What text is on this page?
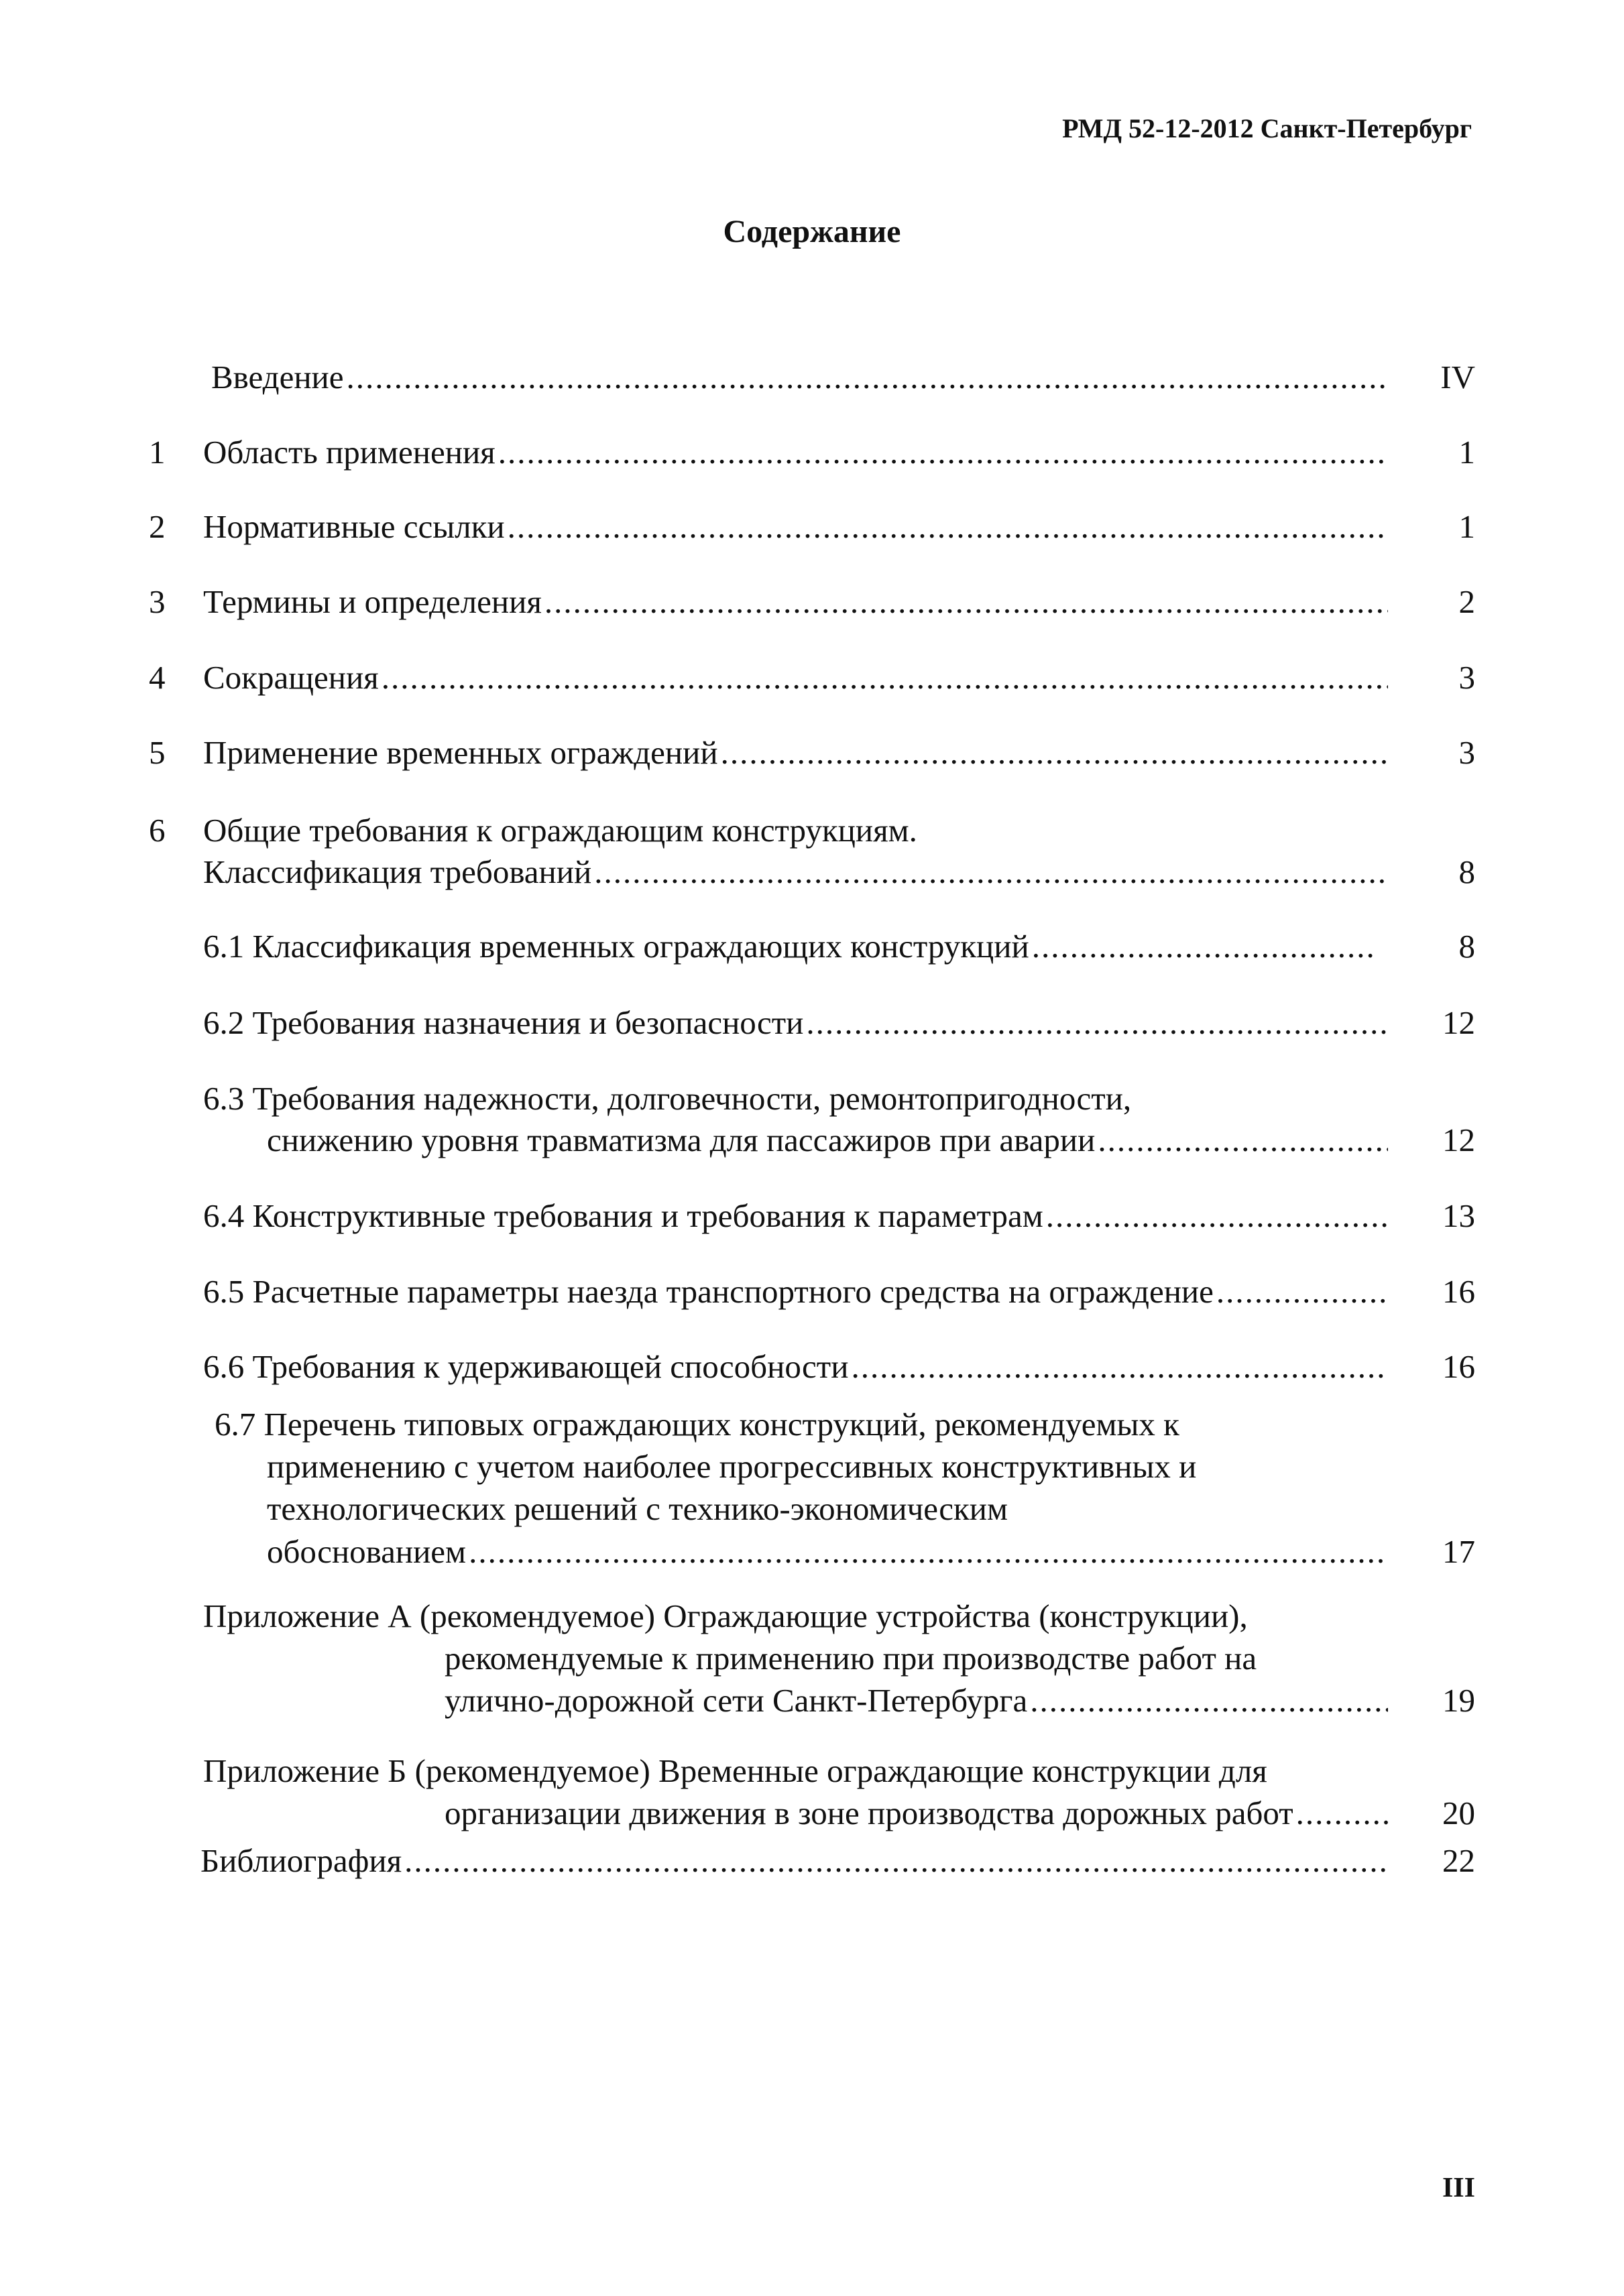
РМД 52-12-2012 Санкт-Петербург
Содержание
Введение .....	IV
1 Область применения .....	1
2 Нормативные ссылки .....	1
3 Термины и определения .....	2
4 Сокращения .....	3
5 Применение временных ограждений .....	3
6 Общие требования к ограждающим конструкциям.
Классификация требований .....	8
6.1 Классификация временных ограждающих конструкций .....	8
6.2 Требования назначения и безопасности .....	12
6.3 Требования надежности, долговечности, ремонтопригодности,
снижению уровня травматизма для пассажиров при аварии .....	12
6.4 Конструктивные требования и требования к параметрам .....	13
6.5 Расчетные параметры наезда транспортного средства на ограждение .....	16
6.6 Требования к удерживающей способности .....	16
6.7 Перечень типовых ограждающих конструкций, рекомендуемых к
применению с учетом наиболее прогрессивных конструктивных и
технологических решений с технико-экономическим
обоснованием .....	17
Приложение А (рекомендуемое) Ограждающие устройства (конструкции),
рекомендуемые к применению при производстве работ на
улично-дорожной сети Санкт-Петербурга .....	19
Приложение Б (рекомендуемое) Временные ограждающие конструкции для
организации движения в зоне производства дорожных работ .....	20
Библиография .....	22
III
